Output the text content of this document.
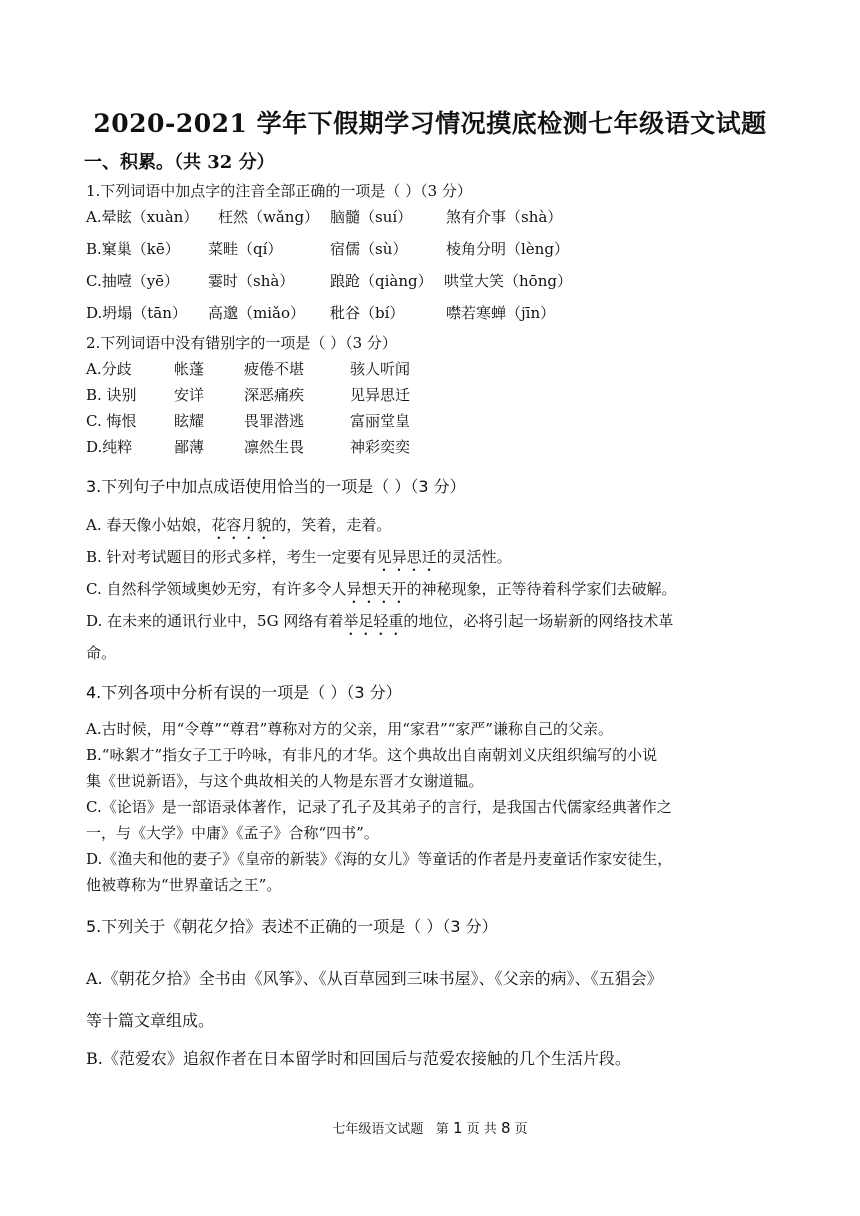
2020-2021 学年下假期学习情况摸底检测七年级语文试题
一、积累。（共 32 分）
1.下列词语中加点字的注音全部正确的一项是（ ）（3 分）
A.晕眩（xuàn） 枉然（wǎng） 脑髓（suí） 煞有介事（shà）
B.窠巢（kē） 菜畦（qí）	宿儒（sù）	棱角分明（lèng）
C.抽噎（yē） 霎时（shà） 踉跄（qiàng） 哄堂大笑（hōng）
D.坍塌（tān） 高邈（miǎo） 秕谷（bí）	噤若寒蝉（jīn）
2.下列词语中没有错别字的一项是（ ）（3 分）
A.分歧	帐蓬	疲倦不堪	骇人听闻
B. 诀别 安详	深恶痛疾	见异思迁
C. 悔恨	眩耀	畏罪潜逃	富丽堂皇
D.纯粹	鄙薄	凛然生畏	神彩奕奕
3.下列句子中加点成语使用恰当的一项是（ ）（3 分）
A. 春天像小姑娘，花容月貌的，笑着，走着。
B. 针对考试题目的形式多样，考生一定要有见异思迁的灵活性。
C. 自然科学领域奥妙无穷，有许多令人异想天开的神秘现象，正等待着科学家们去破解。
D. 在未来的通讯行业中，5G 网络有着举足轻重的地位，必将引起一场崭新的网络技术革
命。
4.下列各项中分析有误的一项是（ ）（3 分）
A.古时候，用“令尊”“尊君”尊称对方的父亲，用“家君”“家严”谦称自己的父亲。
B.“咏絮才”指女子工于吟咏，有非凡的才华。这个典故出自南朝刘义庆组织编写的小说
集《世说新语》，与这个典故相关的人物是东晋才女谢道韫。
C.《论语》是一部语录体著作，记录了孔子及其弟子的言行，是我国古代儒家经典著作之
一，与《大学》中庸》《孟子》合称“四书”。
D.《渔夫和他的妻子》《皇帝的新装》《海的女儿》等童话的作者是丹麦童话作家安徒生，
他被尊称为“世界童话之王”。
5.下列关于《朝花夕拾》表述不正确的一项是（ ）（3 分）
A.《朝花夕拾》全书由《风筝》、《从百草园到三味书屋》、《父亲的病》、《五猖会》
等十篇文章组成。
B.《范爱农》追叙作者在日本留学时和回国后与范爱农接触的几个生活片段。
七年级语文试题 第 1 页 共 8 页
